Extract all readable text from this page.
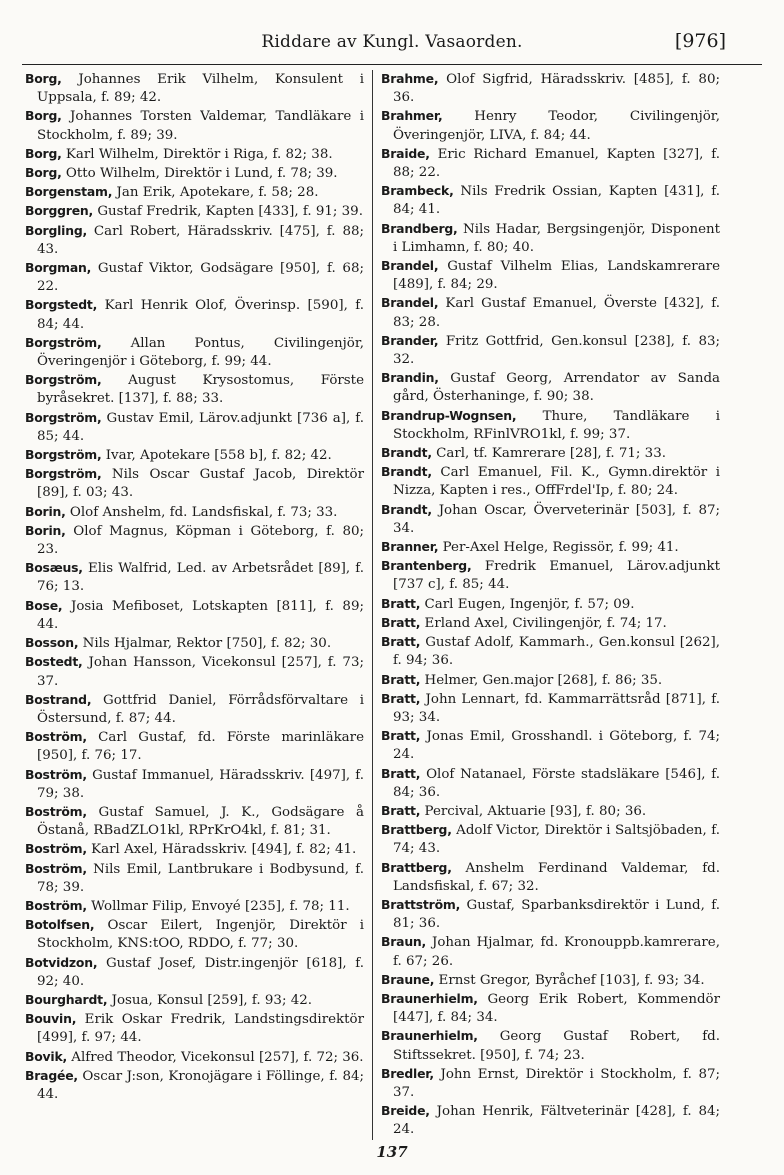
Riddare av Kungl. Vasaorden.	[976]
Borg, Johannes Erik Vilhelm, Konsulent i Uppsala, f. 89; 42.
Borg, Johannes Torsten Valdemar, Tandläkare i Stockholm, f. 89; 39.
Borg, Karl Wilhelm, Direktör i Riga, f. 82; 38.
Borg, Otto Wilhelm, Direktör i Lund, f. 78; 39.
Borgenstam, Jan Erik, Apotekare, f. 58; 28.
Borggren, Gustaf Fredrik, Kapten [433], f. 91; 39.
Borgling, Carl Robert, Häradsskriv. [475], f. 88; 43.
Borgman, Gustaf Viktor, Godsägare [950], f. 68; 22.
Borgstedt, Karl Henrik Olof, Överinsp. [590], f. 84; 44.
Borgström, Allan Pontus, Civilingenjör, Överingenjör i Göteborg, f. 99; 44.
Borgström, August Krysostomus, Förste byråsekret. [137], f. 88; 33.
Borgström, Gustav Emil, Lärov.adjunkt [736 a], f. 85; 44.
Borgström, Ivar, Apotekare [558 b], f. 82; 42.
Borgström, Nils Oscar Gustaf Jacob, Direktör [89], f. 03; 43.
Borin, Olof Anshelm, fd. Landsfiskal, f. 73; 33.
Borin, Olof Magnus, Köpman i Göteborg, f. 80; 23.
Bosæus, Elis Walfrid, Led. av Arbetsrådet [89], f. 76; 13.
Bose, Josia Mefiboset, Lotskapten [811], f. 89; 44.
Bosson, Nils Hjalmar, Rektor [750], f. 82; 30.
Bostedt, Johan Hansson, Vicekonsul [257], f. 73; 37.
Bostrand, Gottfrid Daniel, Förrådsförvaltare i Östersund, f. 87; 44.
Boström, Carl Gustaf, fd. Förste marinläkare [950], f. 76; 17.
Boström, Gustaf Immanuel, Häradsskriv. [497], f. 79; 38.
Boström, Gustaf Samuel, J. K., Godsägare å Östanå, RBadZLO1kl, RPrKrO4kl, f. 81; 31.
Boström, Karl Axel, Häradsskriv. [494], f. 82; 41.
Boström, Nils Emil, Lantbrukare i Bodbysund, f. 78; 39.
Boström, Wollmar Filip, Envoyé [235], f. 78; 11.
Botolfsen, Oscar Eilert, Ingenjör, Direktör i Stockholm, KNS:tOO, RDDO, f. 77; 30.
Botvidzon, Gustaf Josef, Distr.ingenjör [618], f. 92; 40.
Bourghardt, Josua, Konsul [259], f. 93; 42.
Bouvin, Erik Oskar Fredrik, Landstingsdirektör [499], f. 97; 44.
Bovik, Alfred Theodor, Vicekonsul [257], f. 72; 36.
Bragée, Oscar J:son, Kronojägare i Föllinge, f. 84; 44.
Brahme, Olof Sigfrid, Häradsskriv. [485], f. 80; 36.
Brahmer, Henry Teodor, Civilingenjör, Överingenjör, LIVA, f. 84; 44.
Braide, Eric Richard Emanuel, Kapten [327], f. 88; 22.
Brambeck, Nils Fredrik Ossian, Kapten [431], f. 84; 41.
Brandberg, Nils Hadar, Bergsingenjör, Disponent i Limhamn, f. 80; 40.
Brandel, Gustaf Vilhelm Elias, Landskamrerare [489], f. 84; 29.
Brandel, Karl Gustaf Emanuel, Överste [432], f. 83; 28.
Brander, Fritz Gottfrid, Gen.konsul [238], f. 83; 32.
Brandin, Gustaf Georg, Arrendator av Sanda gård, Österhaninge, f. 90; 38.
Brandrup-Wognsen, Thure, Tandläkare i Stockholm, RFinlVRO1kl, f. 99; 37.
Brandt, Carl, tf. Kamrerare [28], f. 71; 33.
Brandt, Carl Emanuel, Fil. K., Gymn.direktör i Nizza, Kapten i res., OffFrdel'Ip, f. 80; 24.
Brandt, Johan Oscar, Överveterinär [503], f. 87; 34.
Branner, Per-Axel Helge, Regissör, f. 99; 41.
Brantenberg, Fredrik Emanuel, Lärov.adjunkt [737 c], f. 85; 44.
Bratt, Carl Eugen, Ingenjör, f. 57; 09.
Bratt, Erland Axel, Civilingenjör, f. 74; 17.
Bratt, Gustaf Adolf, Kammarh., Gen.konsul [262], f. 94; 36.
Bratt, Helmer, Gen.major [268], f. 86; 35.
Bratt, John Lennart, fd. Kammarrättsråd [871], f. 93; 34.
Bratt, Jonas Emil, Grosshandl. i Göteborg, f. 74; 24.
Bratt, Olof Natanael, Förste stadsläkare [546], f. 84; 36.
Bratt, Percival, Aktuarie [93], f. 80; 36.
Brattberg, Adolf Victor, Direktör i Saltsjöbaden, f. 74; 43.
Brattberg, Anshelm Ferdinand Valdemar, fd. Landsfiskal, f. 67; 32.
Brattström, Gustaf, Sparbanksdirektör i Lund, f. 81; 36.
Braun, Johan Hjalmar, fd. Kronouppb.kamrerare, f. 67; 26.
Braune, Ernst Gregor, Byråchef [103], f. 93; 34.
Braunerhielm, Georg Erik Robert, Kommendör [447], f. 84; 34.
Braunerhielm, Georg Gustaf Robert, fd. Stiftssekret. [950], f. 74; 23.
Bredler, John Ernst, Direktör i Stockholm, f. 87; 37.
Breide, Johan Henrik, Fältveterinär [428], f. 84; 24.
137
